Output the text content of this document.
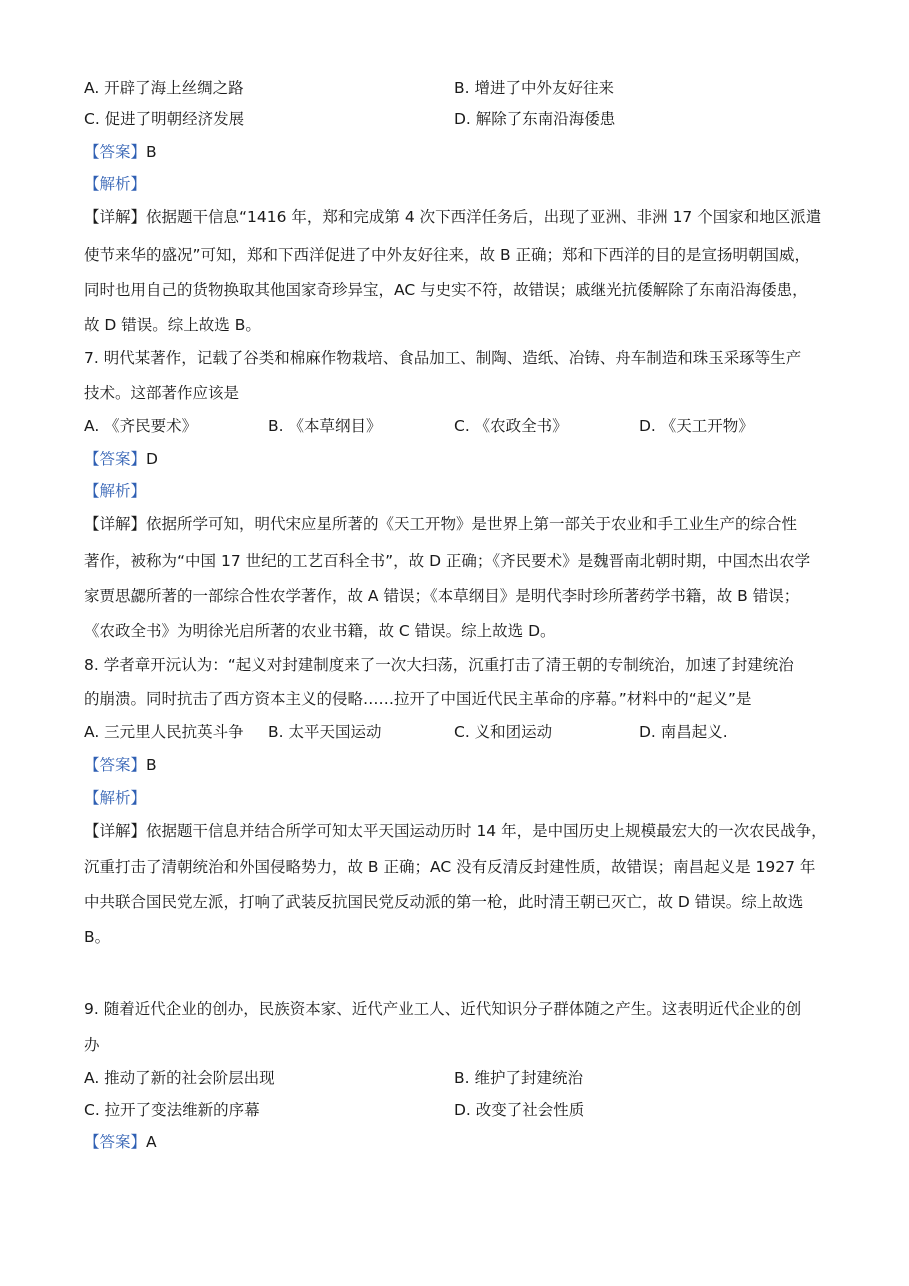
A. 开辟了海上丝绸之路	B. 增进了中外友好往来
C. 促进了明朝经济发展	D. 解除了东南沿海倭患
【答案】B
【解析】
【详解】依据题干信息“1416 年，郑和完成第 4 次下西洋任务后，出现了亚洲、非洲 17 个国家和地区派遣
使节来华的盛况”可知，郑和下西洋促进了中外友好往来，故 B 正确；郑和下西洋的目的是宣扬明朝国威，
同时也用自己的货物换取其他国家奇珍异宝，AC 与史实不符，故错误；戚继光抗倭解除了东南沿海倭患，
故 D 错误。综上故选 B。
7. 明代某著作，记载了谷类和棉麻作物栽培、食品加工、制陶、造纸、冶铸、舟车制造和珠玉采琢等生产
技术。这部著作应该是
A. 《齐民要术》	B. 《本草纲目》	C. 《农政全书》	D. 《天工开物》
【答案】D
【解析】
【详解】依据所学可知，明代宋应星所著的《天工开物》是世界上第一部关于农业和手工业生产的综合性
著作，被称为“中国 17 世纪的工艺百科全书”，故 D 正确；《齐民要术》是魏晋南北朝时期，中国杰出农学
家贾思勰所著的一部综合性农学著作，故 A 错误；《本草纲目》是明代李时珍所著药学书籍，故 B 错误；
《农政全书》为明徐光启所著的农业书籍，故 C 错误。综上故选 D。
8. 学者章开沅认为：“起义对封建制度来了一次大扫荡，沉重打击了清王朝的专制统治，加速了封建统治
的崩溃。同时抗击了西方资本主义的侵略……拉开了中国近代民主革命的序幕。”材料中的“起义”是
A. 三元里人民抗英斗争 B. 太平天国运动	C. 义和团运动	D. 南昌起义.
【答案】B
【解析】
【详解】依据题干信息并结合所学可知太平天国运动历时 14 年，是中国历史上规模最宏大的一次农民战争，
沉重打击了清朝统治和外国侵略势力，故 B 正确；AC 没有反清反封建性质，故错误；南昌起义是 1927 年
中共联合国民党左派，打响了武装反抗国民党反动派的第一枪，此时清王朝已灭亡，故 D 错误。综上故选
B。
9. 随着近代企业的创办，民族资本家、近代产业工人、近代知识分子群体随之产生。这表明近代企业的创
办
A. 推动了新的社会阶层出现	B. 维护了封建统治
C. 拉开了变法维新的序幕	D. 改变了社会性质
【答案】A
